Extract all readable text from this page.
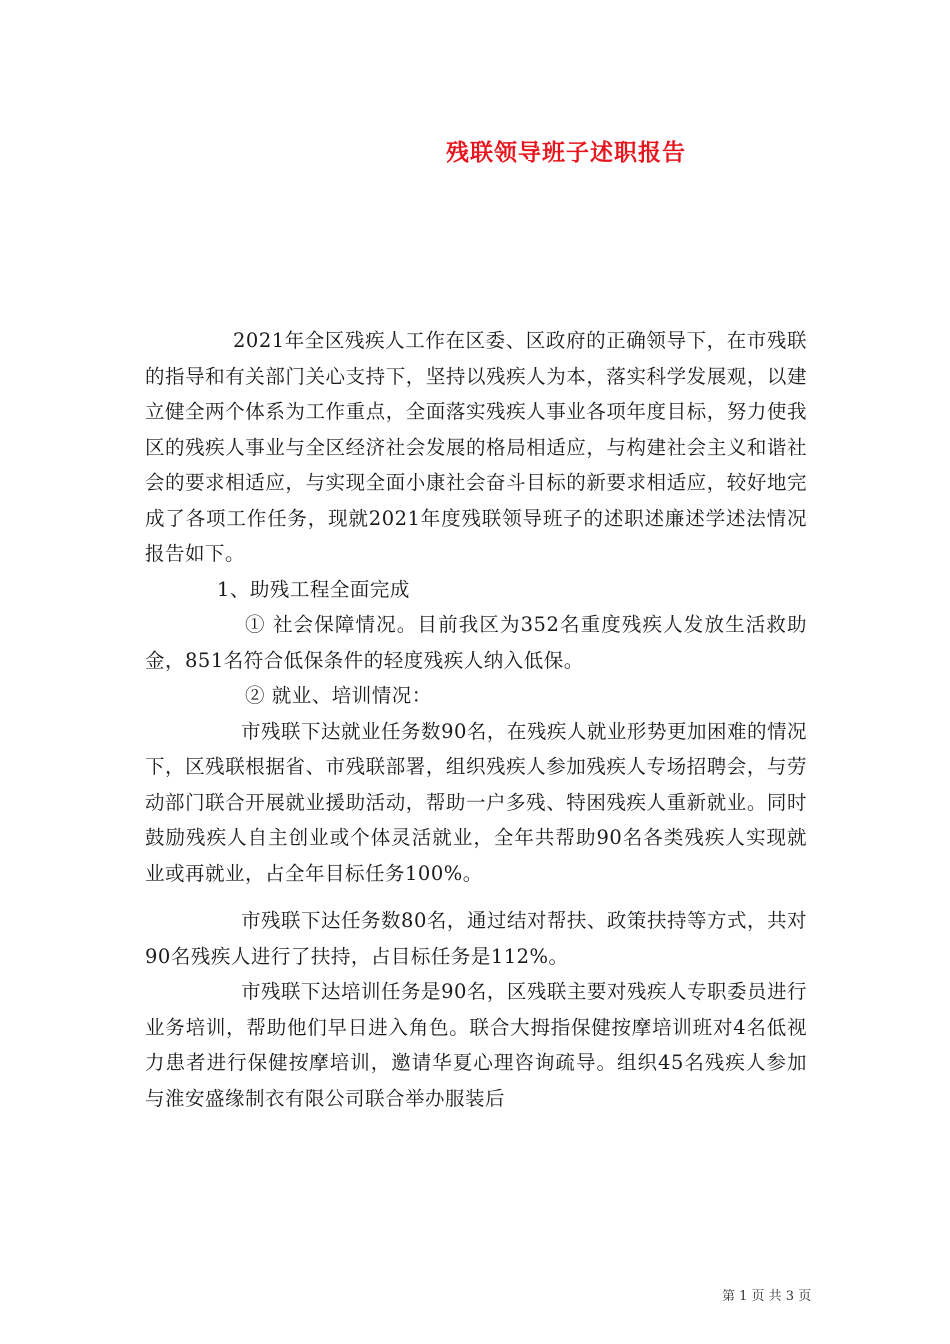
残联领导班子述职报告

2021年全区残疾人工作在区委、区政府的正确领导下，在市残联的指导和有关部门关心支持下，坚持以残疾人为本，落实科学发展观，以建立健全两个体系为工作重点，全面落实残疾人事业各项年度目标，努力使我区的残疾人事业与全区经济社会发展的格局相适应，与构建社会主义和谐社会的要求相适应，与实现全面小康社会奋斗目标的新要求相适应，较好地完成了各项工作任务，现就2021年度残联领导班子的述职述廉述学述法情况报告如下。

1、助残工程全面完成

① 社会保障情况。目前我区为352名重度残疾人发放生活救助金，851名符合低保条件的轻度残疾人纳入低保。

② 就业、培训情况：

市残联下达就业任务数90名，在残疾人就业形势更加困难的情况下，区残联根据省、市残联部署，组织残疾人参加残疾人专场招聘会，与劳动部门联合开展就业援助活动，帮助一户多残、特困残疾人重新就业。同时鼓励残疾人自主创业或个体灵活就业，全年共帮助90名各类残疾人实现就业或再就业，占全年目标任务100%。

市残联下达任务数80名，通过结对帮扶、政策扶持等方式，共对90名残疾人进行了扶持，占目标任务是112%。

市残联下达培训任务是90名，区残联主要对残疾人专职委员进行业务培训，帮助他们早日进入角色。联合大拇指保健按摩培训班对4名低视力患者进行保健按摩培训，邀请华夏心理咨询疏导。组织45名残疾人参加与淮安盛缘制衣有限公司联合举办服装后

第 1 页 共 3 页
